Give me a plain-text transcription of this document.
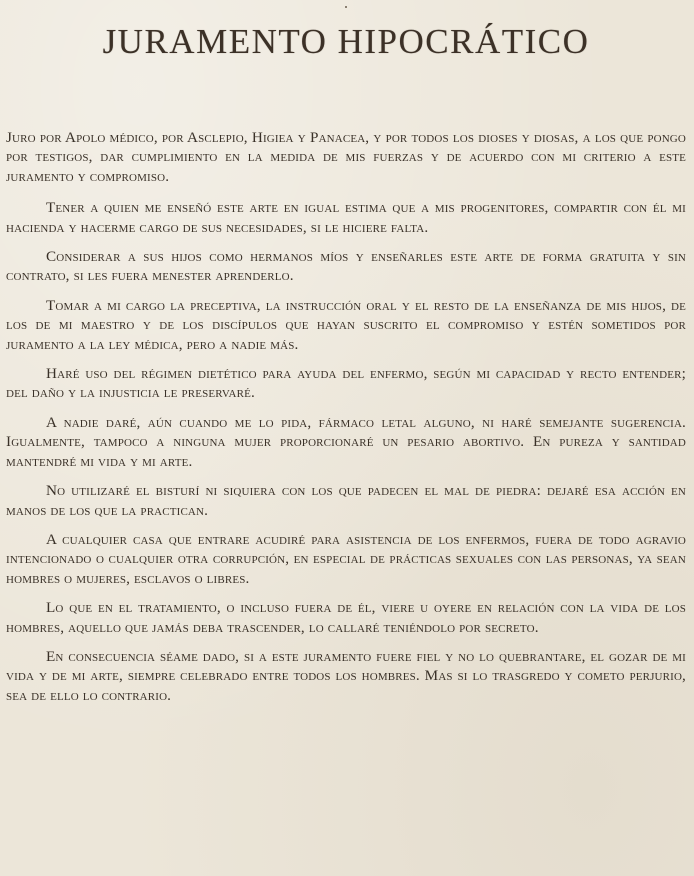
JURAMENTO HIPOCRÁTICO

Juro por Apolo médico, por Asclepio, Higiea y Panacea, y por todos los dioses y diosas, a los que pongo por testigos, dar cumplimiento en la medida de mis fuerzas y de acuerdo con mi criterio a este juramento y compromiso.

Tener a quien me enseñó este arte en igual estima que a mis progenitores, compartir con él mi hacienda y hacerme cargo de sus necesidades, si le hiciere falta.

Considerar a sus hijos como hermanos míos y enseñarles este arte de forma gratuita y sin contrato, si les fuera menester aprenderlo.

Tomar a mi cargo la preceptiva, la instrucción oral y el resto de la enseñanza de mis hijos, de los de mi maestro y de los discípulos que hayan suscrito el compromiso y estén sometidos por juramento a la ley médica, pero a nadie más.

Haré uso del régimen dietético para ayuda del enfermo, según mi capacidad y recto entender; del daño y la injusticia le preservaré.

A nadie daré, aún cuando me lo pida, fármaco letal alguno, ni haré semejante sugerencia. Igualmente, tampoco a ninguna mujer proporcionaré un pesario abortivo. En pureza y santidad mantendré mi vida y mi arte.

No utilizaré el bisturí ni siquiera con los que padecen el mal de piedra: dejaré esa acción en manos de los que la practican.

A cualquier casa que entrare acudiré para asistencia de los enfermos, fuera de todo agravio intencionado o cualquier otra corrupción, en especial de prácticas sexuales con las personas, ya sean hombres o mujeres, esclavos o libres.

Lo que en el tratamiento, o incluso fuera de él, viere u oyere en relación con la vida de los hombres, aquello que jamás deba trascender, lo callaré teniéndolo por secreto.

En consecuencia séame dado, si a este juramento fuere fiel y no lo quebrantare, el gozar de mi vida y de mi arte, siempre celebrado entre todos los hombres. Mas si lo trasgredo y cometo perjurio, sea de ello lo contrario.
